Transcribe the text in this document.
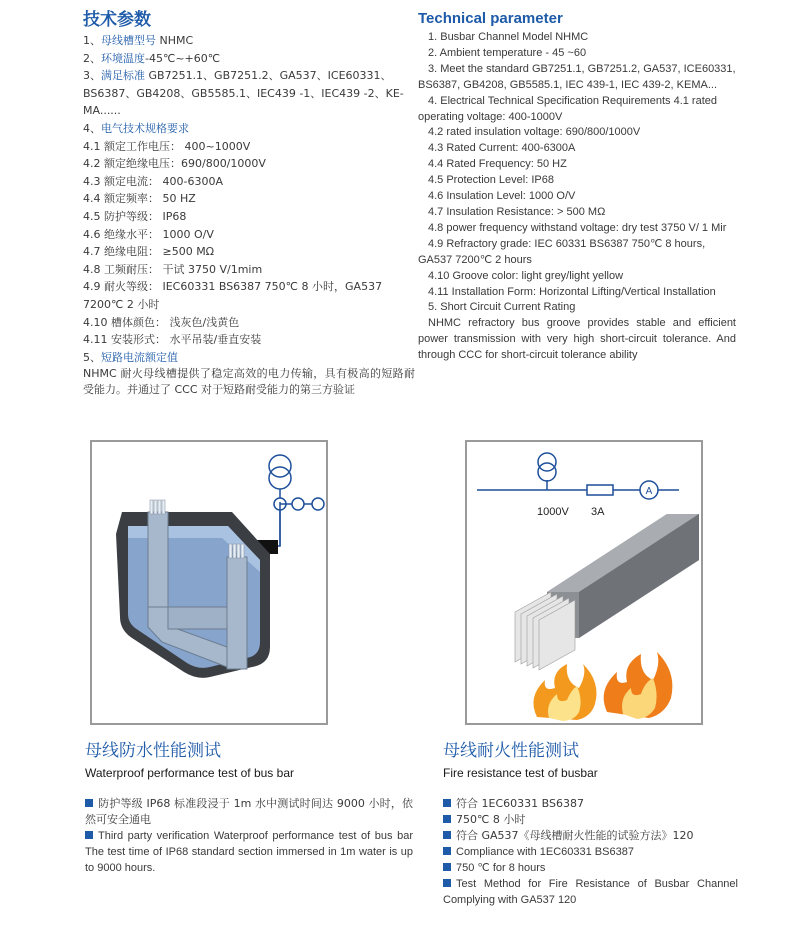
技术参数

1、母线槽型号 NHMC

2、环境温度-45℃~+60℃

3、满足标准 GB7251.1、GB7251.2、GA537、ICE60331、BS6387、GB4208、GB5585.1、IEC439 -1、IEC439 -2、KE-MA......

4、电气技术规格要求

4.1 额定工作电压： 400~1000V

4.2 额定绝缘电压：690/800/1000V

4.3 额定电流： 400-6300A

4.4 额定频率： 50 HZ

4.5 防护等级： IP68

4.6 绝缘水平： 1000 O/V

4.7 绝缘电阻： ≥500 MΩ

4.8 工频耐压： 干试 3750 V/1mim

4.9 耐火等级： IEC60331 BS6387 750℃ 8 小时，GA537 7200℃ 2 小时

4.10 槽体颜色： 浅灰色/浅黄色

4.11 安装形式： 水平吊装/垂直安装

5、短路电流额定值

NHMC 耐火母线槽提供了稳定高效的电力传输，具有极高的短路耐受能力。并通过了 CCC 对于短路耐受能力的第三方验证

Technical parameter

1. Busbar Channel Model NHMC

2. Ambient temperature - 45 ~60

3. Meet the standard GB7251.1, GB7251.2, GA537, ICE60331, BS6387, GB4208, GB5585.1, IEC 439-1, IEC 439-2, KEMA...

4. Electrical Technical Specification Requirements 4.1 rated operating voltage: 400-1000V

4.2 rated insulation voltage: 690/800/1000V

4.3 Rated Current: 400-6300A

4.4 Rated Frequency: 50 HZ

4.5 Protection Level: IP68

4.6 Insulation Level: 1000 O/V

4.7 Insulation Resistance: > 500 MΩ

4.8 power frequency withstand voltage: dry test 3750 V/ 1 Mir

4.9 Refractory grade: IEC 60331 BS6387 750℃ 8 hours, GA537 7200℃ 2 hours

4.10 Groove color: light grey/light yellow

4.11 Installation Form: Horizontal Lifting/Vertical Installation

5. Short Circuit Current Rating

NHMC refractory bus groove provides stable and efficient power transmission with very high short-circuit tolerance. And through CCC for short-circuit tolerance ability

A
1000V 3A

母线防水性能测试

Waterproof performance test of bus bar

母线耐火性能测试

Fire resistance test of busbar

防护等级 IP68 标准段浸于 1m 水中测试时间达 9000 小时，依然可安全通电

Third party verification Waterproof performance test of bus bar The test time of IP68 standard section immersed in 1m water is up to 9000 hours.

符合 1EC60331 BS6387

750℃ 8 小时

符合 GA537《母线槽耐火性能的试验方法》120

Compliance with 1EC60331 BS6387

750 ℃ for 8 hours

Test Method for Fire Resistance of Busbar Channel Complying with GA537 120
